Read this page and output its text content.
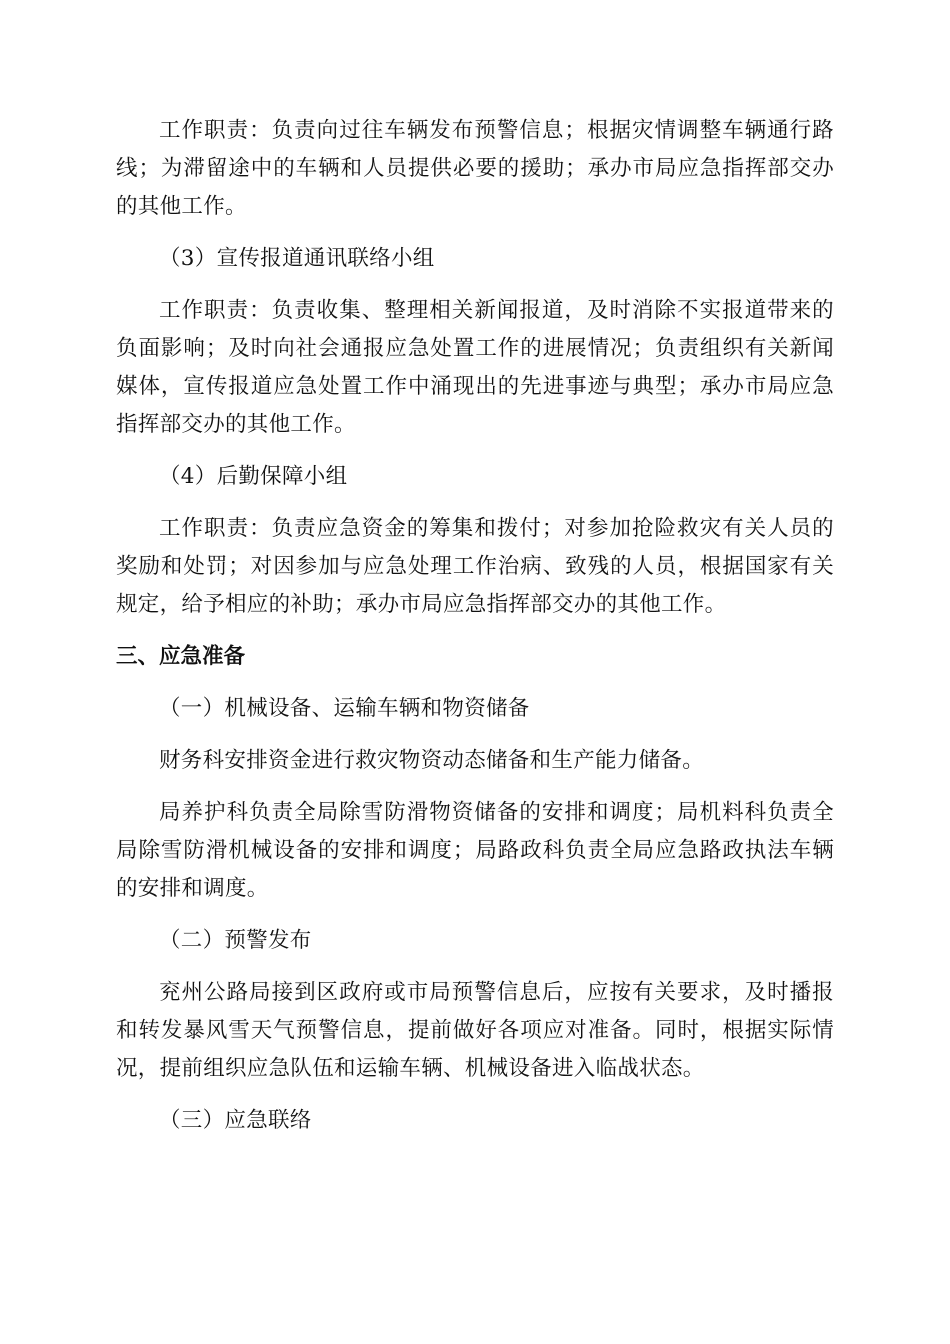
工作职责：负责向过往车辆发布预警信息；根据灾情调整车辆通行路线；为滞留途中的车辆和人员提供必要的援助；承办市局应急指挥部交办的其他工作。

（3）宣传报道通讯联络小组

工作职责：负责收集、整理相关新闻报道，及时消除不实报道带来的负面影响；及时向社会通报应急处置工作的进展情况；负责组织有关新闻媒体，宣传报道应急处置工作中涌现出的先进事迹与典型；承办市局应急指挥部交办的其他工作。

（4）后勤保障小组

工作职责：负责应急资金的筹集和拨付；对参加抢险救灾有关人员的奖励和处罚；对因参加与应急处理工作治病、致残的人员，根据国家有关规定，给予相应的补助；承办市局应急指挥部交办的其他工作。

三、应急准备

（一）机械设备、运输车辆和物资储备

财务科安排资金进行救灾物资动态储备和生产能力储备。

局养护科负责全局除雪防滑物资储备的安排和调度；局机料科负责全局除雪防滑机械设备的安排和调度；局路政科负责全局应急路政执法车辆的安排和调度。

（二）预警发布

兖州公路局接到区政府或市局预警信息后，应按有关要求，及时播报和转发暴风雪天气预警信息，提前做好各项应对准备。同时，根据实际情况，提前组织应急队伍和运输车辆、机械设备进入临战状态。

（三）应急联络
